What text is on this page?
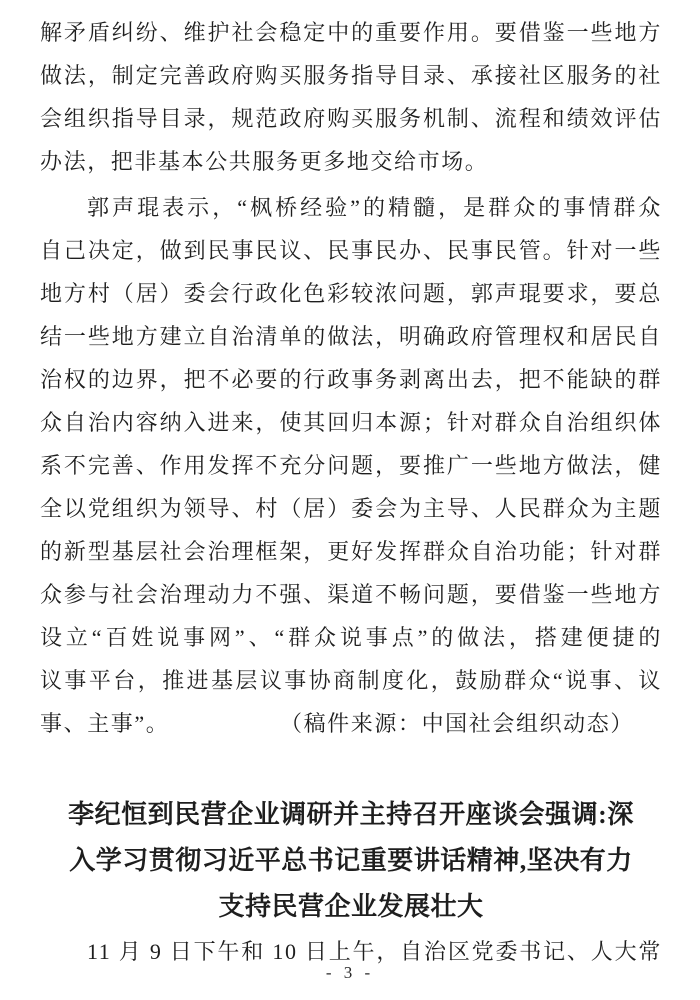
解矛盾纠纷、维护社会稳定中的重要作用。要借鉴一些地方
做法，制定完善政府购买服务指导目录、承接社区服务的社
会组织指导目录，规范政府购买服务机制、流程和绩效评估
办法，把非基本公共服务更多地交给市场。
郭声琨表示，“枫桥经验”的精髓，是群众的事情群众
自己决定，做到民事民议、民事民办、民事民管。针对一些
地方村（居）委会行政化色彩较浓问题，郭声琨要求，要总
结一些地方建立自治清单的做法，明确政府管理权和居民自
治权的边界，把不必要的行政事务剥离出去，把不能缺的群
众自治内容纳入进来，使其回归本源；针对群众自治组织体
系不完善、作用发挥不充分问题，要推广一些地方做法，健
全以党组织为领导、村（居）委会为主导、人民群众为主题
的新型基层社会治理框架，更好发挥群众自治功能；针对群
众参与社会治理动力不强、渠道不畅问题，要借鉴一些地方
设立“百姓说事网”、“群众说事点”的做法，搭建便捷的
议事平台，推进基层议事协商制度化，鼓励群众“说事、议
事、主事”。	（稿件来源：中国社会组织动态）
李纪恒到民营企业调研并主持召开座谈会强调:深
入学习贯彻习近平总书记重要讲话精神,坚决有力
支持民营企业发展壮大
11 月 9 日下午和 10 日上午，自治区党委书记、人大常
- 3 -
